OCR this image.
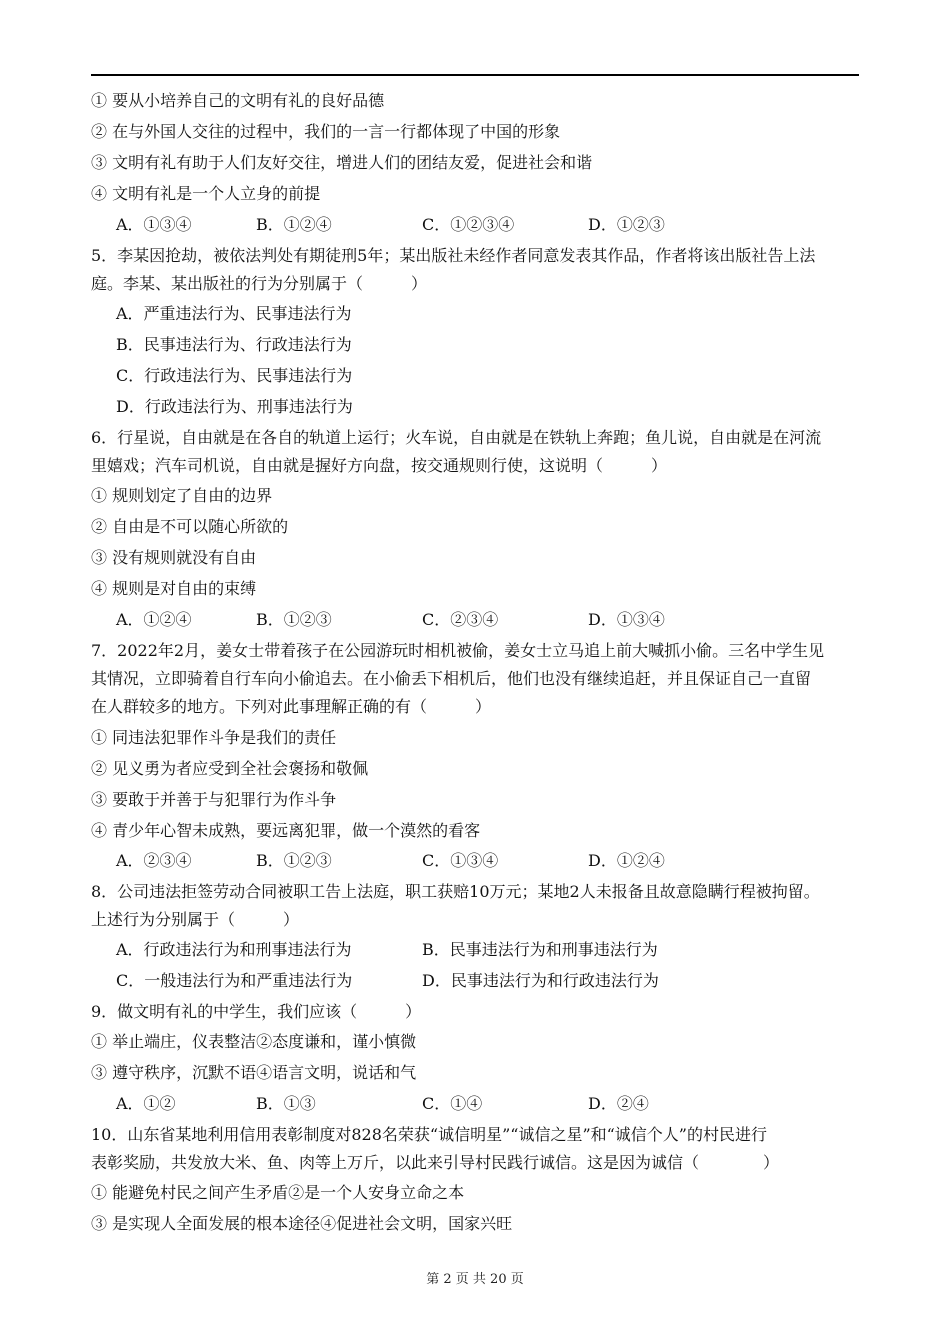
① 要从小培养自己的文明有礼的良好品德
② 在与外国人交往的过程中，我们的一言一行都体现了中国的形象
③ 文明有礼有助于人们友好交往，增进人们的团结友爱，促进社会和谐
④ 文明有礼是一个人立身的前提
A．①③④	B．①②④	C．①②③④	D．①②③
5．李某因抢劫，被依法判处有期徒刑5年；某出版社未经作者同意发表其作品，作者将该出版社告上法
庭。李某、某出版社的行为分别属于（　　　）
A．严重违法行为、民事违法行为
B．民事违法行为、行政违法行为
C．行政违法行为、民事违法行为
D．行政违法行为、刑事违法行为
6．行星说，自由就是在各自的轨道上运行；火车说，自由就是在铁轨上奔跑；鱼儿说，自由就是在河流
里嬉戏；汽车司机说，自由就是握好方向盘，按交通规则行使，这说明（　　　）
① 规则划定了自由的边界
② 自由是不可以随心所欲的
③ 没有规则就没有自由
④ 规则是对自由的束缚
A．①②④	B．①②③	C．②③④	D．①③④
7．2022年2月，姜女士带着孩子在公园游玩时相机被偷，姜女士立马追上前大喊抓小偷。三名中学生见
其情况，立即骑着自行车向小偷追去。在小偷丢下相机后，他们也没有继续追赶，并且保证自己一直留
在人群较多的地方。下列对此事理解正确的有（　　　）
① 同违法犯罪作斗争是我们的责任
② 见义勇为者应受到全社会褒扬和敬佩
③ 要敢于并善于与犯罪行为作斗争
④ 青少年心智未成熟，要远离犯罪，做一个漠然的看客
A．②③④	B．①②③	C．①③④	D．①②④
8．公司违法拒签劳动合同被职工告上法庭，职工获赔10万元；某地2人未报备且故意隐瞒行程被拘留。
上述行为分别属于（　　　）
A．行政违法行为和刑事违法行为	B．民事违法行为和刑事违法行为
C．一般违法行为和严重违法行为	D．民事违法行为和行政违法行为
9．做文明有礼的中学生，我们应该（　　　）
① 举止端庄，仪表整洁②态度谦和，谨小慎微
③ 遵守秩序，沉默不语④语言文明，说话和气
A．①②	B．①③	C．①④	D．②④
10．山东省某地利用信用表彰制度对828名荣获“诚信明星”“诚信之星”和“诚信个人”的村民进行
表彰奖励，共发放大米、鱼、肉等上万斤，以此来引导村民践行诚信。这是因为诚信（　　　　）
① 能避免村民之间产生矛盾②是一个人安身立命之本
③ 是实现人全面发展的根本途径④促进社会文明，国家兴旺
第 2 页 共 20 页
